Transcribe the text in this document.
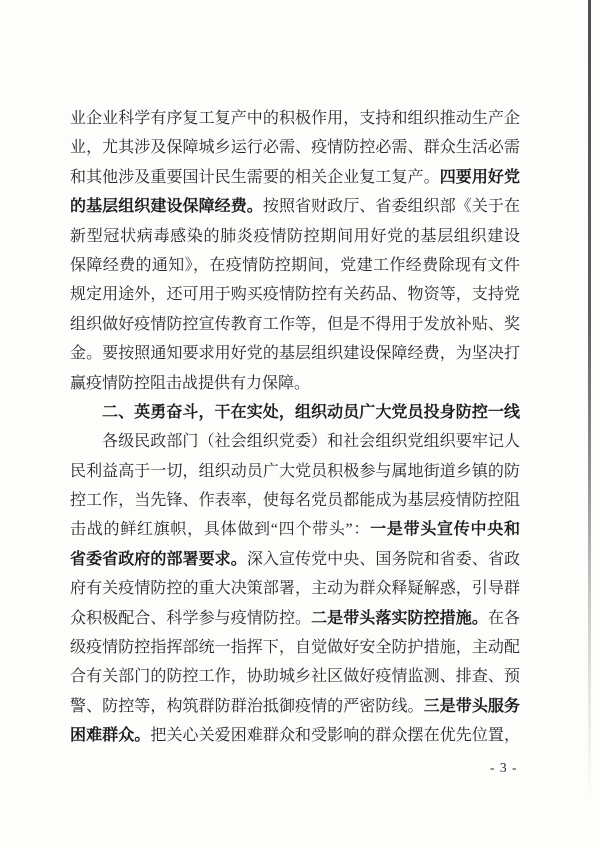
业企业科学有序复工复产中的积极作用，支持和组织推动生产企
业，尤其涉及保障城乡运行必需、疫情防控必需、群众生活必需
和其他涉及重要国计民生需要的相关企业复工复产。四要用好党
的基层组织建设保障经费。按照省财政厅、省委组织部《关于在
新型冠状病毒感染的肺炎疫情防控期间用好党的基层组织建设
保障经费的通知》，在疫情防控期间，党建工作经费除现有文件
规定用途外，还可用于购买疫情防控有关药品、物资等，支持党
组织做好疫情防控宣传教育工作等，但是不得用于发放补贴、奖
金。要按照通知要求用好党的基层组织建设保障经费，为坚决打
赢疫情防控阻击战提供有力保障。
二、英勇奋斗，干在实处，组织动员广大党员投身防控一线
各级民政部门（社会组织党委）和社会组织党组织要牢记人
民利益高于一切，组织动员广大党员积极参与属地街道乡镇的防
控工作，当先锋、作表率，使每名党员都能成为基层疫情防控阻
击战的鲜红旗帜，具体做到“四个带头”：一是带头宣传中央和
省委省政府的部署要求。深入宣传党中央、国务院和省委、省政
府有关疫情防控的重大决策部署，主动为群众释疑解惑，引导群
众积极配合、科学参与疫情防控。二是带头落实防控措施。在各
级疫情防控指挥部统一指挥下，自觉做好安全防护措施，主动配
合有关部门的防控工作，协助城乡社区做好疫情监测、排查、预
警、防控等，构筑群防群治抵御疫情的严密防线。三是带头服务
困难群众。把关心关爱困难群众和受影响的群众摆在优先位置，
- 3 -
